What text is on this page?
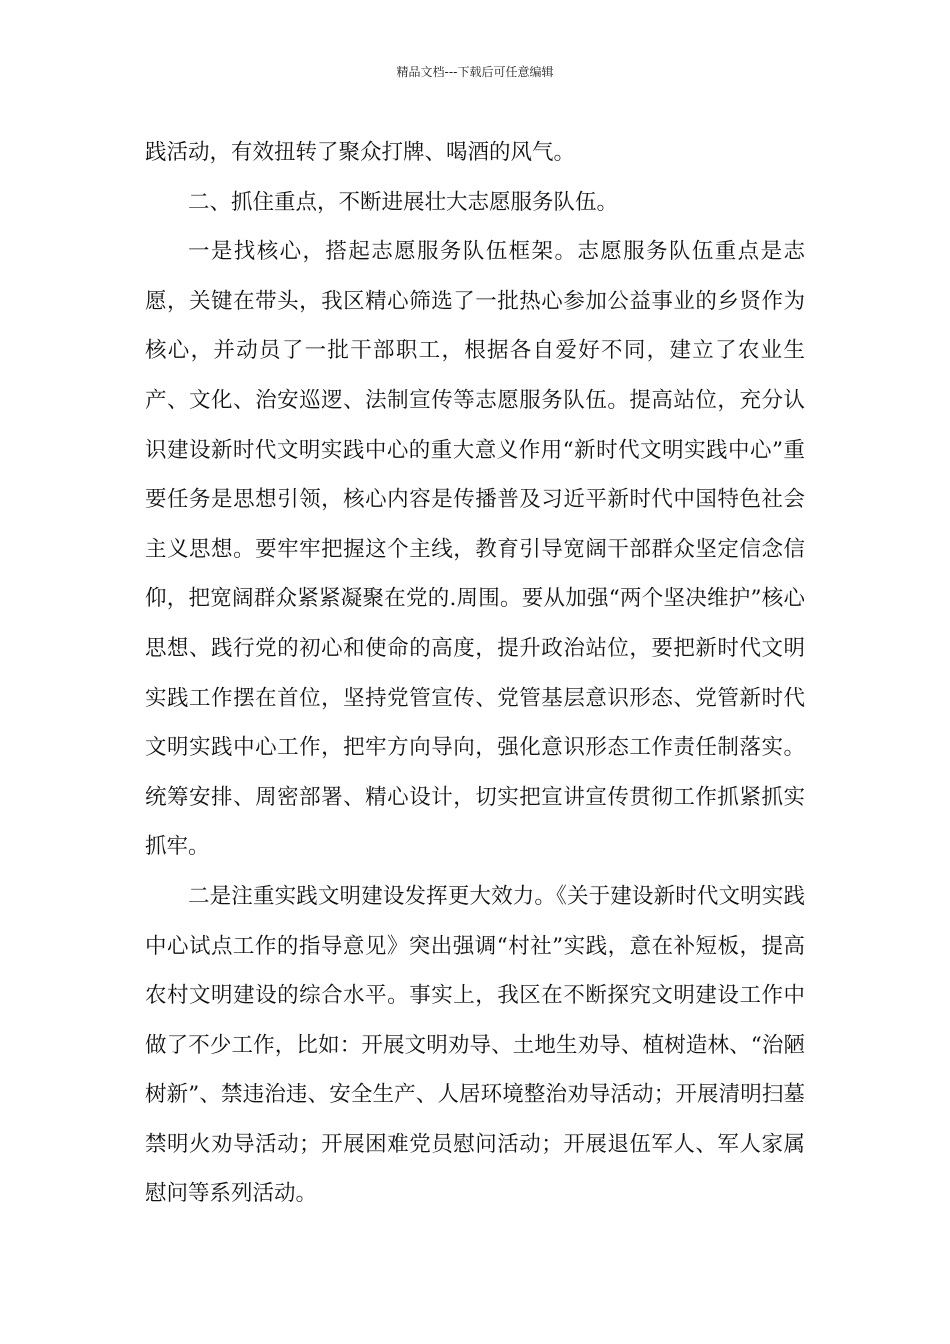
精品文档---下载后可任意编辑

践活动，有效扭转了聚众打牌、喝酒的风气。

二、抓住重点，不断进展壮大志愿服务队伍。

一是找核心，搭起志愿服务队伍框架。志愿服务队伍重点是志愿，关键在带头，我区精心筛选了一批热心参加公益事业的乡贤作为核心，并动员了一批干部职工，根据各自爱好不同，建立了农业生产、文化、治安巡逻、法制宣传等志愿服务队伍。提高站位，充分认识建设新时代文明实践中心的重大意义作用“新时代文明实践中心”重要任务是思想引领，核心内容是传播普及习近平新时代中国特色社会主义思想。要牢牢把握这个主线，教育引导宽阔干部群众坚定信念信仰，把宽阔群众紧紧凝聚在党的.周围。要从加强“两个坚决维护”核心思想、践行党的初心和使命的高度，提升政治站位，要把新时代文明实践工作摆在首位，坚持党管宣传、党管基层意识形态、党管新时代文明实践中心工作，把牢方向导向，强化意识形态工作责任制落实。统筹安排、周密部署、精心设计，切实把宣讲宣传贯彻工作抓紧抓实抓牢。

二是注重实践文明建设发挥更大效力。《关于建设新时代文明实践中心试点工作的指导意见》突出强调“村社”实践，意在补短板，提高农村文明建设的综合水平。事实上，我区在不断探究文明建设工作中做了不少工作，比如：开展文明劝导、土地生劝导、植树造林、“治陋树新”、禁违治违、安全生产、人居环境整治劝导活动；开展清明扫墓禁明火劝导活动；开展困难党员慰问活动；开展退伍军人、军人家属慰问等系列活动。
